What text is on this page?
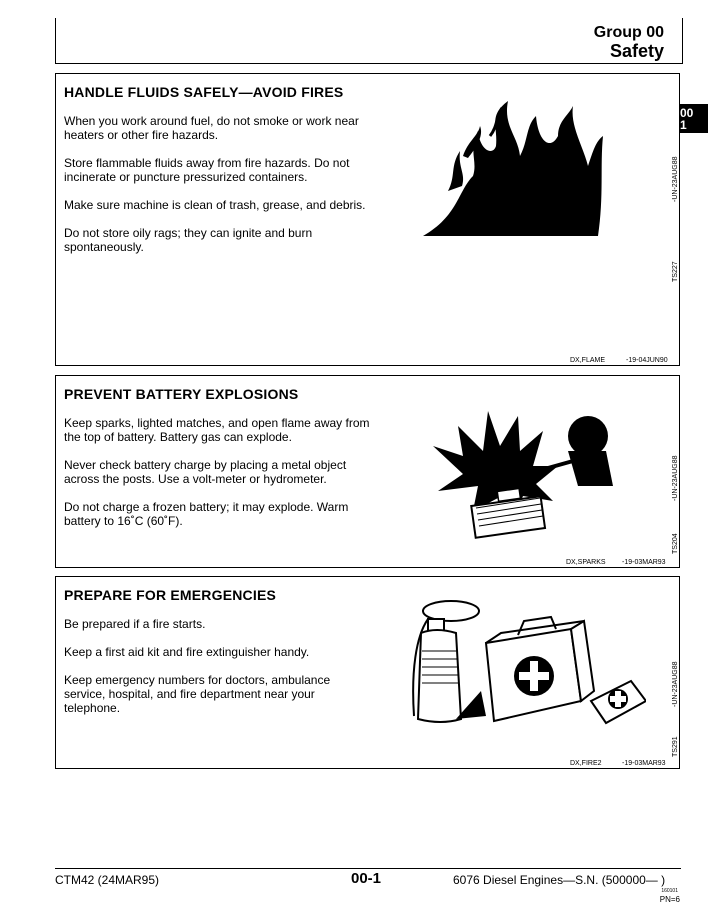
Group 00
Safety
00
1
HANDLE FLUIDS SAFELY—AVOID FIRES

When you work around fuel, do not smoke or work near heaters or other fire hazards.

Store flammable fluids away from fire hazards. Do not incinerate or puncture pressurized containers.

Make sure machine is clean of trash, grease, and debris.

Do not store oily rags; they can ignite and burn spontaneously.

TS227
-UN-23AUG88
DX,FLAME	-19-04JUN90
PREVENT BATTERY EXPLOSIONS

Keep sparks, lighted matches, and open flame away from the top of battery. Battery gas can explode.

Never check battery charge by placing a metal object across the posts. Use a volt-meter or hydrometer.

Do not charge a frozen battery; it may explode. Warm battery to 16˚C (60˚F).

TS204
-UN-23AUG88
DX,SPARKS -19-03MAR93
PREPARE FOR EMERGENCIES

Be prepared if a fire starts.

Keep a first aid kit and fire extinguisher handy.

Keep emergency numbers for doctors, ambulance service, hospital, and fire department near your telephone.

TS291
-UN-23AUG88
DX,FIRE2	-19-03MAR93
CTM42 (24MAR95)	00-1	6076 Diesel Engines—S.N. (500000— )
160101
PN=6
